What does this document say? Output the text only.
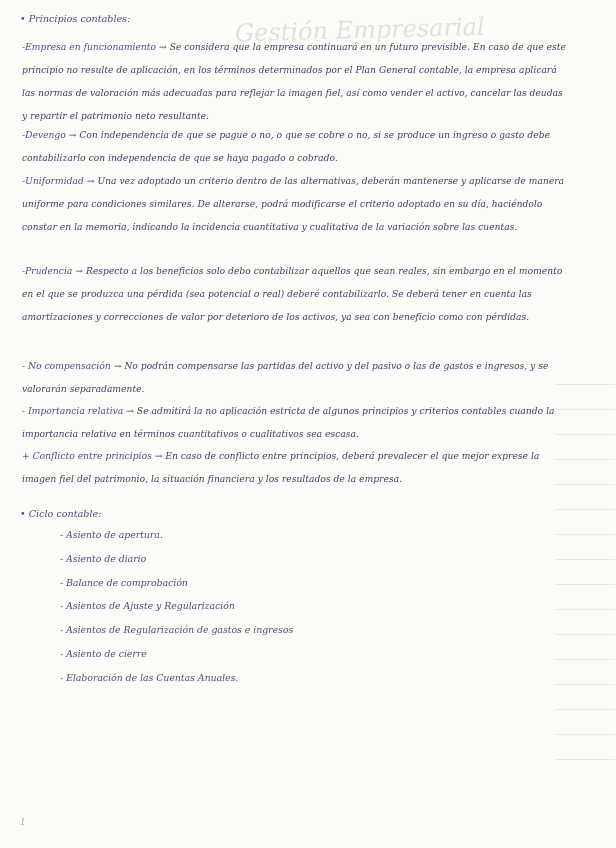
Gestión Empresarial
• Principios contables:
-Empresa en funcionamiento → Se considera que la empresa continuará en un futuro previsible. En caso de que este principio no resulte de aplicación, en los términos determinados por el Plan General contable, la empresa aplicará las normas de valoración más adecuadas para reflejar la imagen fiel, así como vender el activo, cancelar las deudas y repartir el patrimonio neto resultante.
-Devengo → Con independencia de que se pague o no, o que se cobre o no, si se produce un ingreso o gasto debe contabilizarlo con independencia de que se haya pagado o cobrado.
-Uniformidad → Una vez adoptado un criterio dentro de las alternativas, deberán mantenerse y aplicarse de manera uniforme para condiciones similares. De alterarse, podrá modificarse el criterio adoptado en su día, haciéndolo constar en la memoria, indicando la incidencia cuantitativa y cualitativa de la variación sobre las cuentas.
-Prudencia → Respecto a los beneficios solo debo contabilizar aquellos que sean reales, sin embargo en el momento en el que se produzca una pérdida (sea potencial o real) deberé contabilizarlo. Se deberá tener en cuenta las amortizaciones y correcciones de valor por deterioro de los activos, ya sea con beneficio como con pérdidas.
- No compensación → No podrán compensarse las partidas del activo y del pasivo o las de gastos e ingresos, y se valorarán separadamente.
- Importancia relativa → Se admitirá la no aplicación estricta de algunos principios y criterios contables cuando la importancia relativa en términos cuantitativos o cualitativos sea escasa.
+ Conflicto entre principios → En caso de conflicto entre principios, deberá prevalecer el que mejor exprese la imagen fiel del patrimonio, la situación financiera y los resultados de la empresa.
• Ciclo contable:
- Asiento de apertura.
- Asiento de diario
- Balance de comprobación
- Asientos de Ajuste y Regularización
- Asientos de Regularización de gastos e ingresos
- Asiento de cierre
- Elaboración de las Cuentas Anuales.
1
